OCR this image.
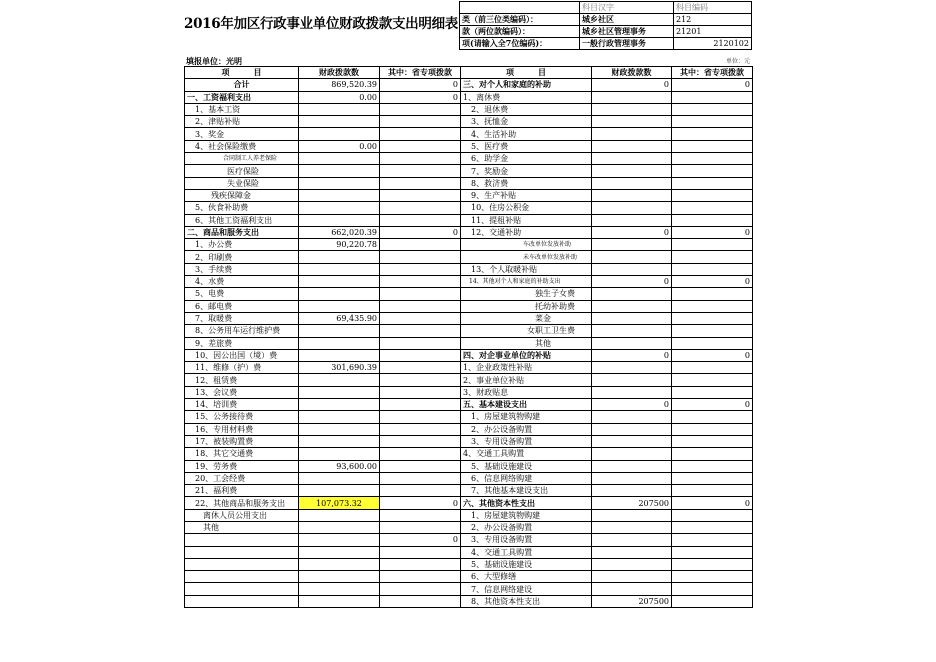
2016年加区行政事业单位财政拨款支出明细表
	科目汉字	科目编码
类（前三位类编码）：	城乡社区	212
款（两位款编码）：	城乡社区管理事务	21201
项(请输入全7位编码)：	一般行政管理事务	2120102
填报单位：光明	单位：元
项　　　目	财政拨款数	其中：省专项拨款	项　　　目	财政拨款数	其中：省专项拨款
合计	869,520.39	0	三、对个人和家庭的补助	0	0
一、工资福利支出	0.00	0	1、离休费		
　1、基本工资			　2、退休费		
　2、津贴补贴			　3、抚恤金		
　3、奖金			　4、生活补助		
　4、社会保险缴费	0.00		　5、医疗费		
　　　　　　合同制工人养老保险			　6、助学金		
　　　　　医疗保险			　7、奖励金		
　　　　　失业保险			　8、救济费		
　　　残疾保障金			　9、生产补贴		
　5、伙食补助费			　10、住房公积金		
　6、其他工资福利支出			　11、提租补贴		
二、商品和服务支出	662,020.39	0	　12、交通补助	0	0
　1、办公费	90,220.78		　　　　　　　　　　车改单位发放补助		
　2、印刷费			　　　　　　　　　　未车改单位发放补助		
　3、手续费			　13、个人取暖补贴		
　4、水费			　14、其他对个人和家庭的补助支出	0	0
　5、电费			　　　　　　　　　独生子女费		
　6、邮电费			　　　　　　　　　托幼补助费		
　7、取暖费	69,435.90		　　　　　　　　　菜金		
　8、公务用车运行维护费			　　　　　　　　女职工卫生费		
　9、差旅费			　　　　　　　　　其他		
　10、因公出国（境）费			四、对企事业单位的补贴	0	0
　11、维修（护）费	301,690.39		1、企业政策性补贴		
　12、租赁费			2、事业单位补贴		
　13、会议费			3、财政贴息		
　14、培训费			五、基本建设支出	0	0
　15、公务接待费			　1、房屋建筑物购建		
　16、专用材料费			　2、办公设备购置		
　17、被装购置费			　3、专用设备购置		
　18、其它交通费			4、交通工具购置		
　19、劳务费	93,600.00		　5、基础设施建设		
　20、工会经费			　6、信息网络购建		
　21、福利费			　7、其他基本建设支出		
　22、其他商品和服务支出	107,073.32	0	六、其他资本性支出	207500	0
　　离休人员公用支出			　1、房屋建筑物购建		
　　其他			　2、办公设备购置		
		0	　3、专用设备购置		
			　4、交通工具购置		
			　5、基础设施建设		
			　6、大型修缮		
			　7、信息网络建设		
			　8、其他资本性支出	207500	
